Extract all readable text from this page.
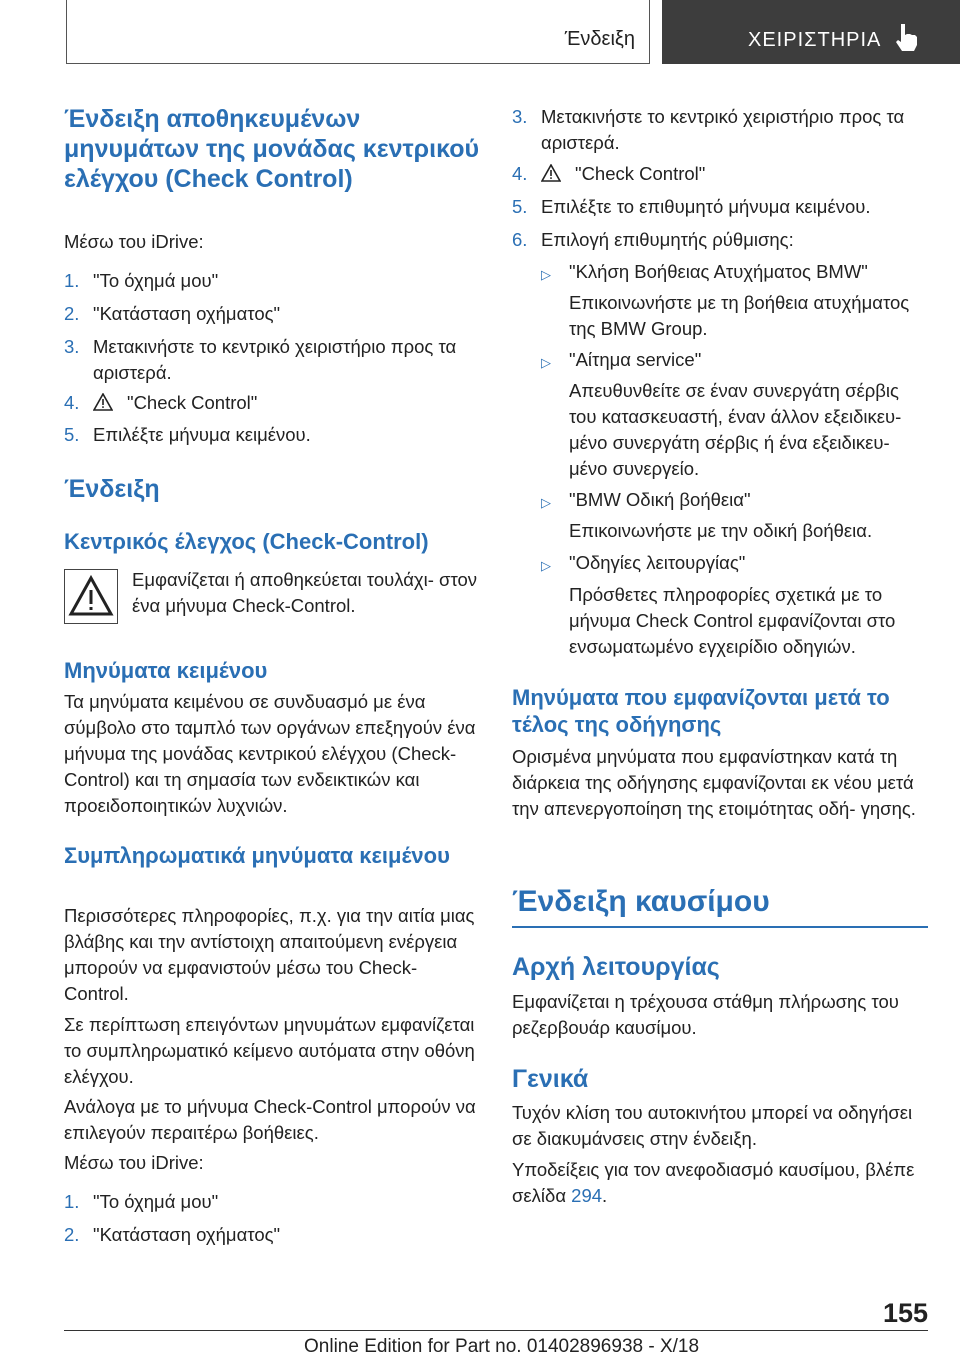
Ένδειξη	ΧΕΙΡΙΣΤΗΡΙΑ
Ένδειξη αποθηκευμένων μηνυμάτων της μονάδας κεντρικού ελέγχου (Check Control)

Μέσω του iDrive:

1. "Το όχημά μου"
2. "Κατάσταση οχήματος"
3. Μετακινήστε το κεντρικό χειριστήριο προς τα αριστερά.
4.	"Check Control"
5. Επιλέξτε μήνυμα κειμένου.
Ένδειξη
Κεντρικός έλεγχος (Check-Control)

Εμφανίζεται ή αποθηκεύεται τουλάχι- στον ένα μήνυμα Check-Control.

Μηνύματα κειμένου

Τα μηνύματα κειμένου σε συνδυασμό με ένα σύμβολο στο ταμπλό των οργάνων επεξηγούν ένα μήνυμα της μονάδας κεντρικού ελέγχου (Check-Control) και τη σημασία των ενδεικτικών και προειδοποιητικών λυχνιών.

Συμπληρωματικά μηνύματα κειμένου

Περισσότερες πληροφορίες, π.χ. για την αιτία μιας βλάβης και την αντίστοιχη απαιτούμενη ενέργεια μπορούν να εμφανιστούν μέσω του Check-Control.

Σε περίπτωση επειγόντων μηνυμάτων εμφανίζεται το συμπληρωματικό κείμενο αυτόματα στην οθόνη ελέγχου.

Ανάλογα με το μήνυμα Check-Control μπορούν να επιλεγούν περαιτέρω βοήθειες.

Μέσω του iDrive:

1. "Το όχημά μου"
2. "Κατάσταση οχήματος"
3. Μετακινήστε το κεντρικό χειριστήριο προς τα αριστερά.
4.	"Check Control"
5. Επιλέξτε το επιθυμητό μήνυμα κειμένου.
6. Επιλογή επιθυμητής ρύθμισης:
▷ "Κλήση Βοήθειας Ατυχήματος BMW"
Επικοινωνήστε με τη βοήθεια ατυχήματος της BMW Group.
▷ "Αίτημα service"
Απευθυνθείτε σε έναν συνεργάτη σέρβις του κατασκευαστή, έναν άλλον εξειδικευ- μένο συνεργάτη σέρβις ή ένα εξειδικευ- μένο συνεργείο.
▷ "BMW Οδική βοήθεια"
Επικοινωνήστε με την οδική βοήθεια.
▷ "Οδηγίες λειτουργίας"
Πρόσθετες πληροφορίες σχετικά με το μήνυμα Check Control εμφανίζονται στο ενσωματωμένο εγχειρίδιο οδηγιών.
Μηνύματα που εμφανίζονται μετά το τέλος της οδήγησης

Ορισμένα μηνύματα που εμφανίστηκαν κατά τη διάρκεια της οδήγησης εμφανίζονται εκ νέου μετά την απενεργοποίηση της ετοιμότητας οδή- γησης.

Ένδειξη καυσίμου
Αρχή λειτουργίας

Εμφανίζεται η τρέχουσα στάθμη πλήρωσης του ρεζερβουάρ καυσίμου.

Γενικά

Τυχόν κλίση του αυτοκινήτου μπορεί να οδηγήσει σε διακυμάνσεις στην ένδειξη.

Υποδείξεις για τον ανεφοδιασμό καυσίμου, βλέπε σελίδα 294.

155
Online Edition for Part no. 01402896938 - X/18
